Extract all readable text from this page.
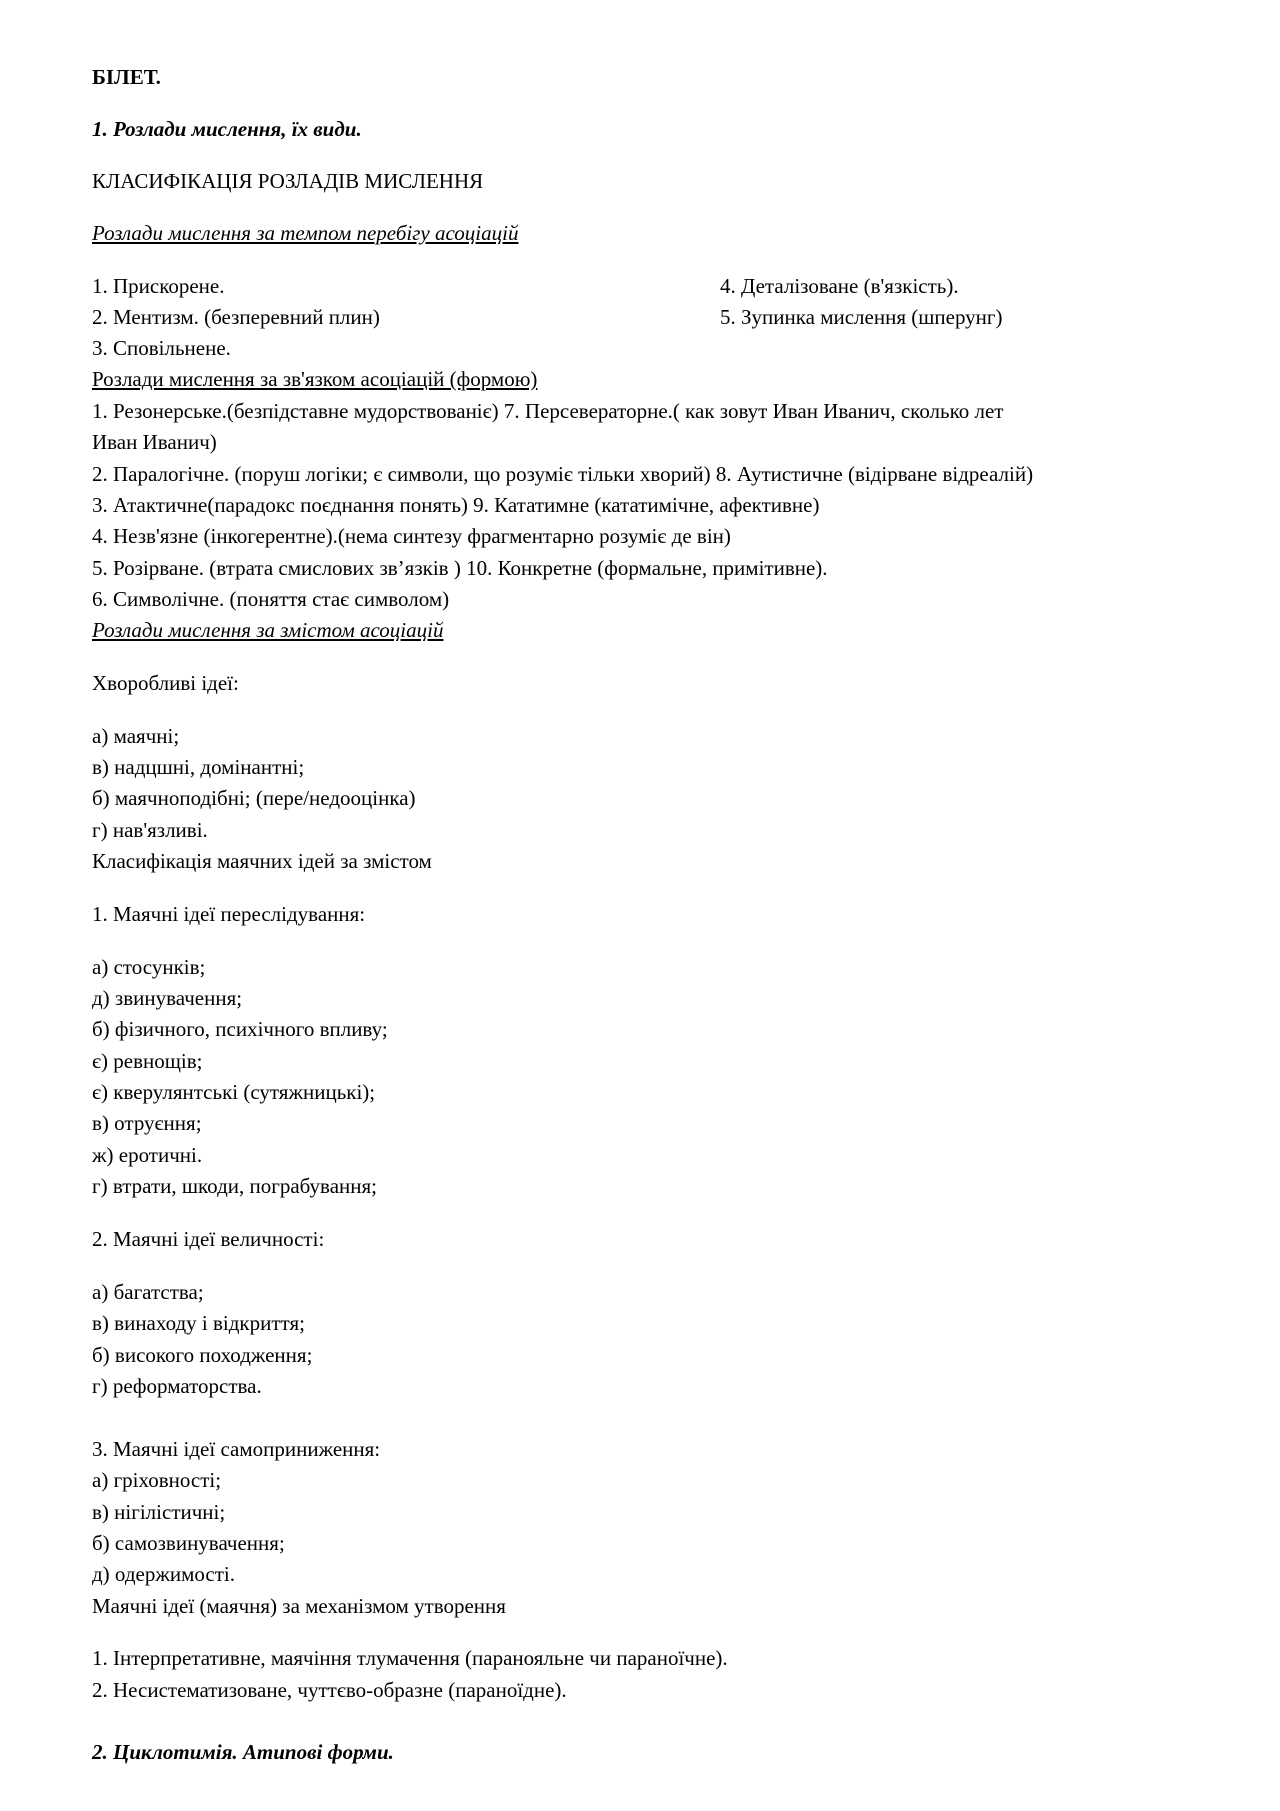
БІЛЕТ.
1. Розлади мислення, їх види.
КЛАСИФІКАЦІЯ РОЗЛАДІВ МИСЛЕННЯ
Розлади мислення за темпом перебігу асоціацій
1. Прискорене.
2. Ментизм. (безперевний плин)
3. Сповільнене.
4. Деталізоване (в'язкість).
5. Зупинка мислення (шперунг)
Розлади мислення за зв'язком асоціацій (формою)
1. Резонерське.(безпідставне мудорствованіє) 7. Персевераторне.( как зовут Иван Иванич, сколько лет
Иван Иванич)
2. Паралогічне. (поруш логіки; є символи, що розуміє тільки хворий) 8. Аутистичне (відірване відреалій)
3. Атактичне(парадокс поєднання понять) 9. Кататимне (кататимічне, афективне)
4. Незв'язне (інкогерентне).(нема синтезу фрагментарно розуміє де він)
5. Розірване. (втрата смислових зв’язків ) 10. Конкретне (формальне, примітивне).
6. Символічне. (поняття стає символом)
Розлади мислення за змістом асоціацій
Хворобливі ідеї:
а) маячні;
в) надцшні, домінантні;
б) маячноподібні; (пере/недооцінка)
г) нав'язливі.
Класифікація маячних ідей за змістом
1. Маячні ідеї переслідування:
а) стосунків;
д) звинувачення;
б) фізичного, психічного впливу;
є) ревнощів;
є) кверулянтські (сутяжницькі);
в) отруєння;
ж) еротичні.
г) втрати, шкоди, пограбування;
2. Маячні ідеї величності:
а) багатства;
в) винаходу і відкриття;
б) високого походження;
г) реформаторства.
3. Маячні ідеї самоприниження:
а) гріховності;
в) нігілістичні;
б) самозвинувачення;
д) одержимості.
Маячні ідеї (маячня) за механізмом утворення
1. Інтерпретативне, маячіння тлумачення (паранояльне чи параноїчне).
2. Несистематизоване, чуттєво-образне (параноїдне).
2. Циклотимія. Атипові форми.
